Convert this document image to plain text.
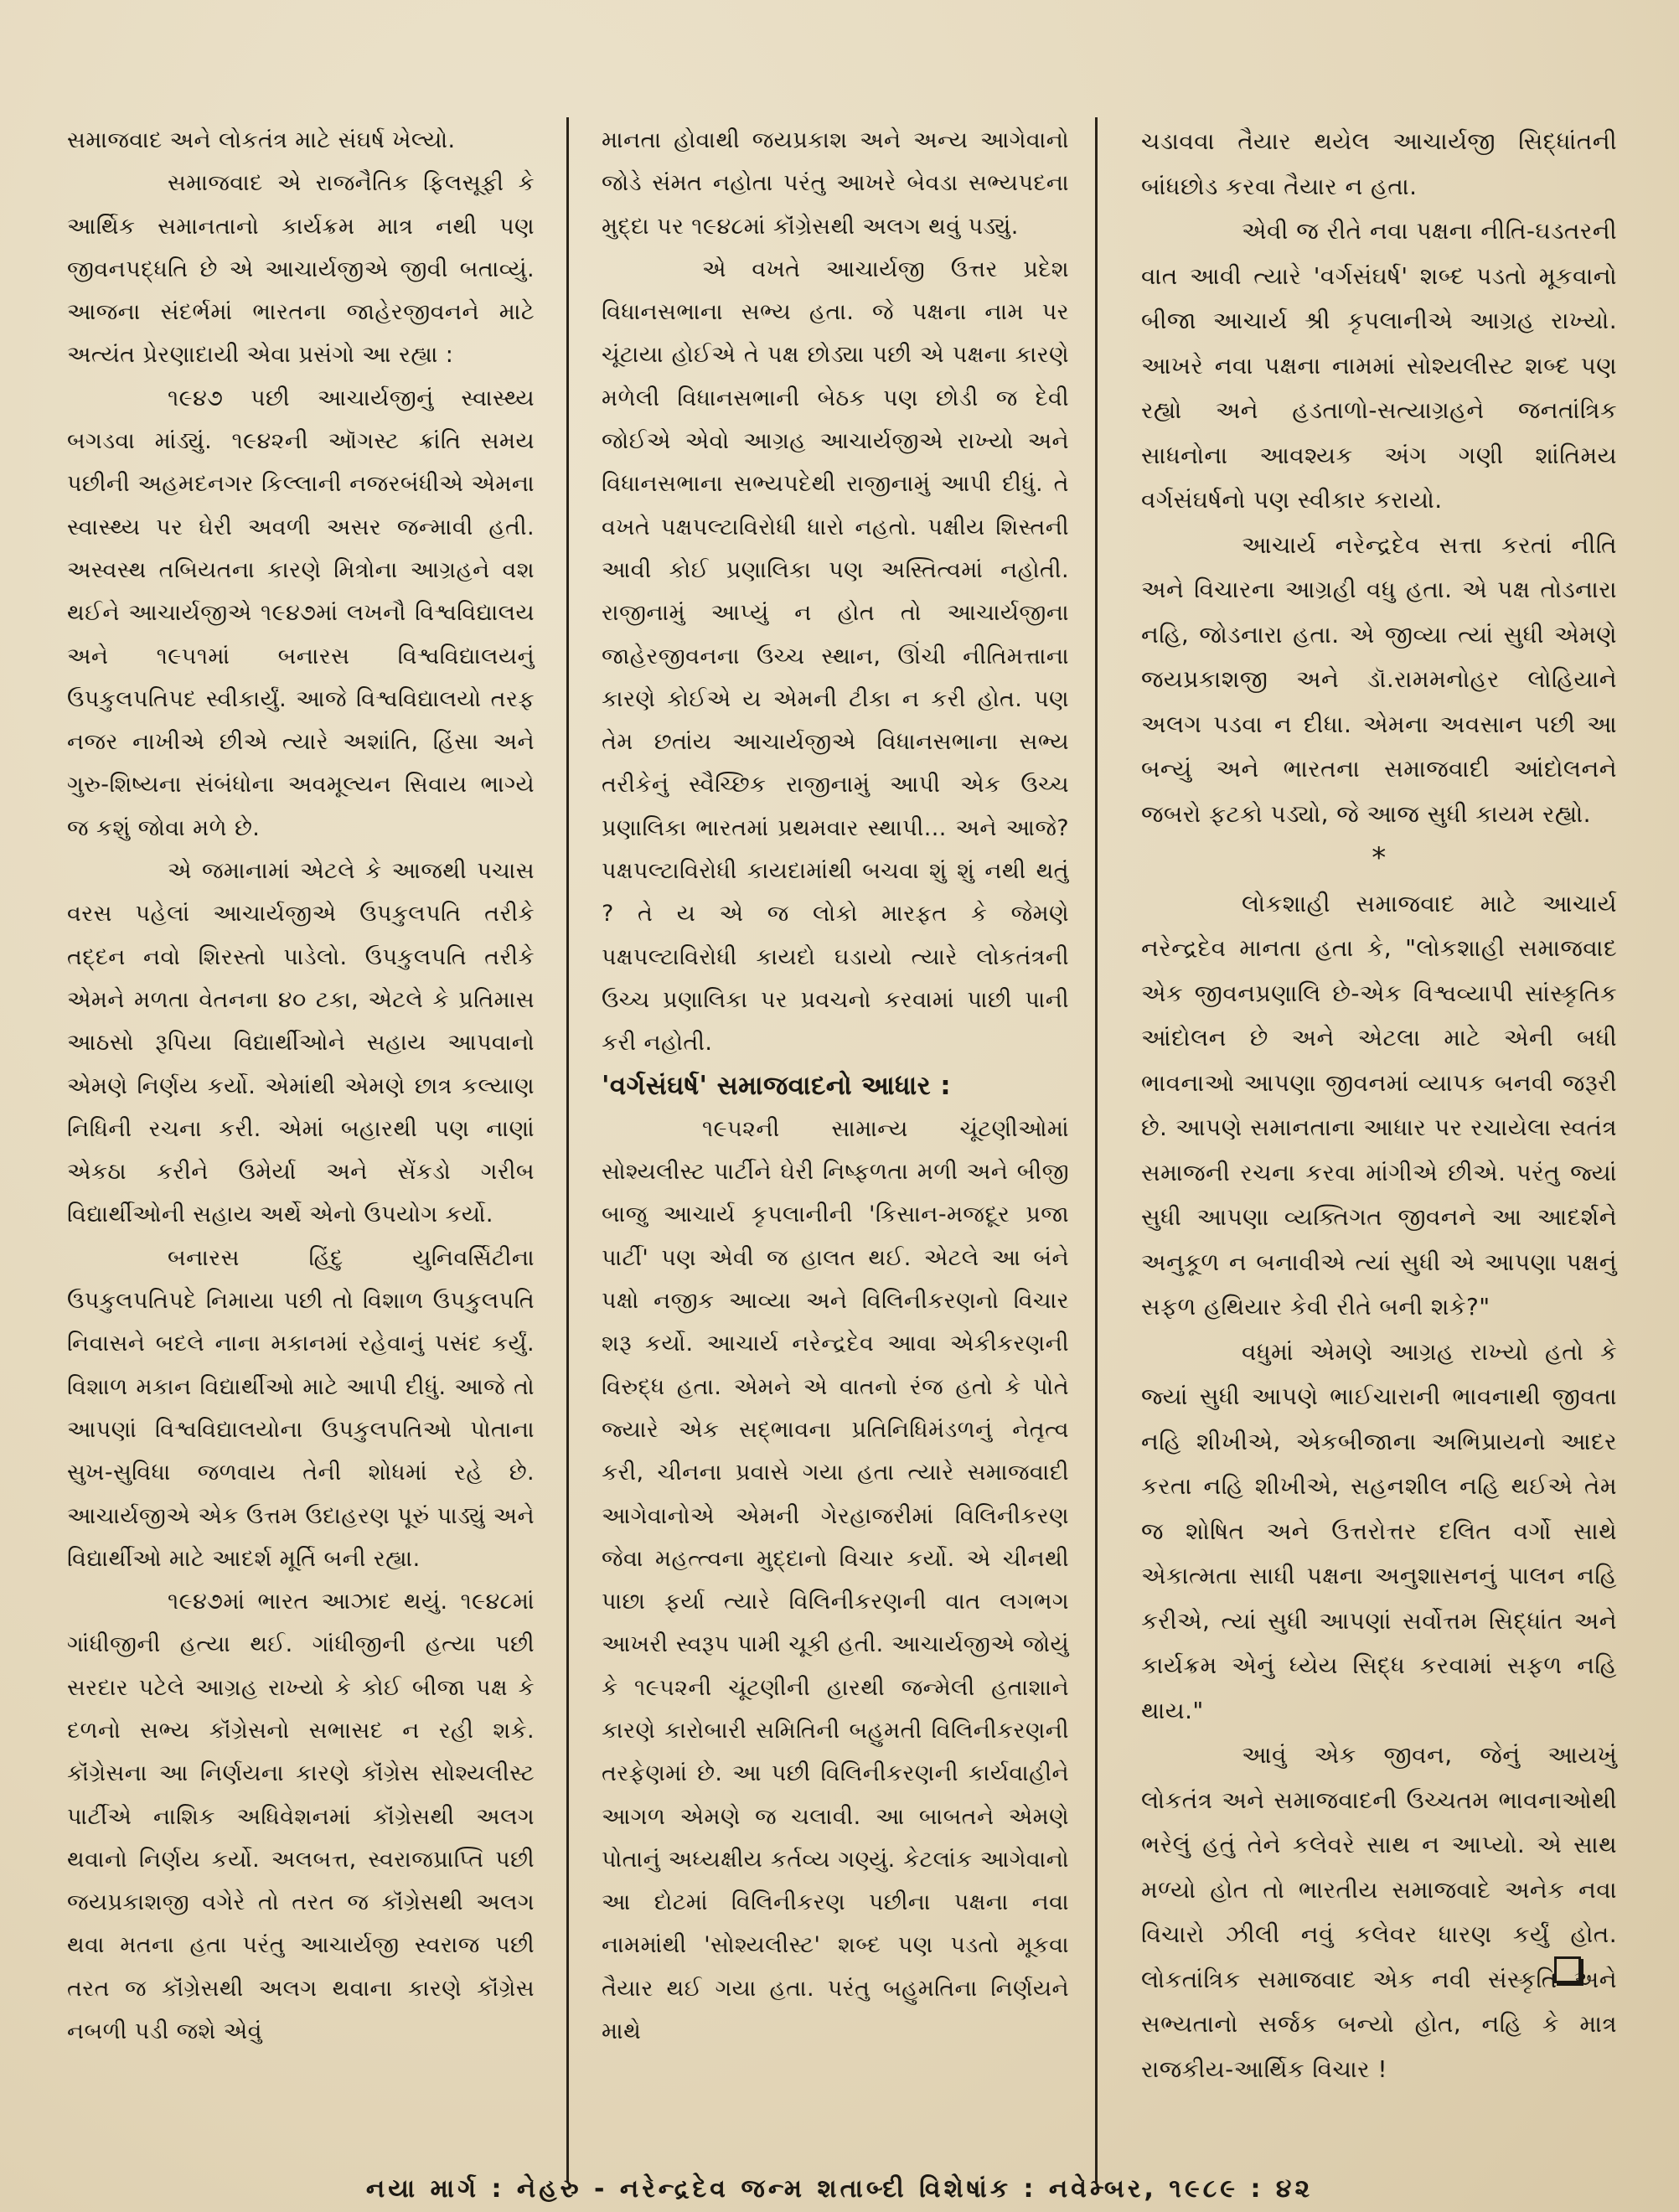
સમાજવાદ અને લોકતંત્ર માટે સંઘર્ષ ખેલ્યો.

સમાજવાદ એ રાજનૈતિક ફિલસૂફી કે આર્થિક સમાનતાનો કાર્યક્રમ માત્ર નથી પણ જીવનપદ્ધતિ છે એ આચાર્યજીએ જીવી બતાવ્યું. આજના સંદર્ભમાં ભારતના જાહેરજીવનને માટે અત્યંત પ્રેરણાદાયી એવા પ્રસંગો આ રહ્યા :

૧૯૪૭ પછી આચાર્યજીનું સ્વાસ્થ્ય બગડવા માંડ્યું. ૧૯૪૨ની ઑગસ્ટ ક્રાંતિ સમય પછીની અહમદનગર કિલ્લાની નજરબંધીએ એમના સ્વાસ્થ્ય પર ઘેરી અવળી અસર જન્માવી હતી. અસ્વસ્થ તબિયતના કારણે મિત્રોના આગ્રહને વશ થઈને આચાર્યજીએ ૧૯૪૭માં લખનૌ વિશ્વવિદ્યાલય અને ૧૯૫૧માં બનારસ વિશ્વવિદ્યાલયનું ઉપકુલપતિપદ સ્વીકાર્યું. આજે વિશ્વવિદ્યાલયો તરફ નજર નાખીએ છીએ ત્યારે અશાંતિ, હિંસા અને ગુરુ-શિષ્યના સંબંધોના અવમૂલ્યન સિવાય ભાગ્યે જ કશું જોવા મળે છે.

એ જમાનામાં એટલે કે આજથી પચાસ વરસ પહેલાં આચાર્યજીએ ઉપકુલપતિ તરીકે તદ્દન નવો શિરસ્તો પાડેલો. ઉપકુલપતિ તરીકે એમને મળતા વેતનના ૪૦ ટકા, એટલે કે પ્રતિમાસ આઠસો રૂપિયા વિદ્યાર્થીઓને સહાય આપવાનો એમણે નિર્ણય કર્યો. એમાંથી એમણે છાત્ર કલ્યાણ નિધિની રચના કરી. એમાં બહારથી પણ નાણાં એકઠા કરીને ઉમેર્યા અને સેંકડો ગરીબ વિદ્યાર્થીઓની સહાય અર્થે એનો ઉપયોગ કર્યો.

બનારસ હિંદુ યુનિવર્સિટીના ઉપકુલપતિપદે નિમાયા પછી તો વિશાળ ઉપકુલપતિ નિવાસને બદલે નાના મકાનમાં રહેવાનું પસંદ કર્યું. વિશાળ મકાન વિદ્યાર્થીઓ માટે આપી દીધું. આજે તો આપણાં વિશ્વવિદ્યાલયોના ઉપકુલપતિઓ પોતાના સુખ-સુવિધા જળવાય તેની શોધમાં રહે છે. આચાર્યજીએ એક ઉત્તમ ઉદાહરણ પૂરું પાડ્યું અને વિદ્યાર્થીઓ માટે આદર્શ મૂર્તિ બની રહ્યા.

૧૯૪૭માં ભારત આઝાદ થયું. ૧૯૪૮માં ગાંધીજીની હત્યા થઈ. ગાંધીજીની હત્યા પછી સરદાર પટેલે આગ્રહ રાખ્યો કે કોઈ બીજા પક્ષ કે દળનો સભ્ય કૉંગ્રેસનો સભાસદ ન રહી શકે. કૉંગ્રેસના આ નિર્ણયના કારણે કૉંગ્રેસ સોશ્યલીસ્ટ પાર્ટીએ નાશિક અધિવેશનમાં કૉંગ્રેસથી અલગ થવાનો નિર્ણય કર્યો. અલબત્ત, સ્વરાજપ્રાપ્તિ પછી જયપ્રકાશજી વગેરે તો તરત જ કૉંગ્રેસથી અલગ થવા મતના હતા પરંતુ આચાર્યજી સ્વરાજ પછી તરત જ કૉંગ્રેસથી અલગ થવાના કારણે કૉંગ્રેસ નબળી પડી જશે એવું

માનતા હોવાથી જયપ્રકાશ અને અન્ય આગેવાનો જોડે સંમત નહોતા પરંતુ આખરે બેવડા સભ્યપદના મુદ્દા પર ૧૯૪૮માં કૉંગ્રેસથી અલગ થવું પડ્યું.

એ વખતે આચાર્યજી ઉત્તર પ્રદેશ વિધાનસભાના સભ્ય હતા. જે પક્ષના નામ પર ચૂંટાયા હોઈએ તે પક્ષ છોડ્યા પછી એ પક્ષના કારણે મળેલી વિધાનસભાની બેઠક પણ છોડી જ દેવી જોઈએ એવો આગ્રહ આચાર્યજીએ રાખ્યો અને વિધાનસભાના સભ્યપદેથી રાજીનામું આપી દીધું. તે વખતે પક્ષપલ્ટાવિરોધી ધારો નહતો. પક્ષીય શિસ્તની આવી કોઈ પ્રણાલિકા પણ અસ્તિત્વમાં નહોતી. રાજીનામું આપ્યું ન હોત તો આચાર્યજીના જાહેરજીવનના ઉચ્ચ સ્થાન, ઊંચી નીતિમત્તાના કારણે કોઈએ ય એમની ટીકા ન કરી હોત. પણ તેમ છતાંય આચાર્યજીએ વિધાનસભાના સભ્ય તરીકેનું સ્વૈચ્છિક રાજીનામું આપી એક ઉચ્ચ પ્રણાલિકા ભારતમાં પ્રથમવાર સ્થાપી... અને આજે? પક્ષપલ્ટાવિરોધી કાયદામાંથી બચવા શું શું નથી થતું ? તે ય એ જ લોકો મારફત કે જેમણે પક્ષપલ્ટાવિરોધી કાયદો ઘડાયો ત્યારે લોકતંત્રની ઉચ્ચ પ્રણાલિકા પર પ્રવચનો કરવામાં પાછી પાની કરી નહોતી.

'વર્ગસંઘર્ષ' સમાજવાદનો આધાર :

૧૯૫૨ની સામાન્ય ચૂંટણીઓમાં સોશ્યલીસ્ટ પાર્ટીને ઘેરી નિષ્ફળતા મળી અને બીજી બાજુ આચાર્ય કૃપલાનીની 'કિસાન-મજદૂર પ્રજા પાર્ટી' પણ એવી જ હાલત થઈ. એટલે આ બંને પક્ષો નજીક આવ્યા અને વિલિનીકરણનો વિચાર શરૂ કર્યો. આચાર્ય નરેન્દ્રદેવ આવા એકીકરણની વિરુદ્ધ હતા. એમને એ વાતનો રંજ હતો કે પોતે જ્યારે એક સદ્ભાવના પ્રતિનિધિમંડળનું નેતૃત્વ કરી, ચીનના પ્રવાસે ગયા હતા ત્યારે સમાજવાદી આગેવાનોએ એમની ગેરહાજરીમાં વિલિનીકરણ જેવા મહત્ત્વના મુદ્દાનો વિચાર કર્યો. એ ચીનથી પાછા ફર્યા ત્યારે વિલિનીકરણની વાત લગભગ આખરી સ્વરૂપ પામી ચૂકી હતી. આચાર્યજીએ જોયું કે ૧૯૫૨ની ચૂંટણીની હારથી જન્મેલી હતાશાને કારણે કારોબારી સમિતિની બહુમતી વિલિનીકરણની તરફેણમાં છે. આ પછી વિલિનીકરણની કાર્યવાહીને આગળ એમણે જ ચલાવી. આ બાબતને એમણે પોતાનું અધ્યક્ષીય કર્તવ્ય ગણ્યું. કેટલાંક આગેવાનો આ દોટમાં વિલિનીકરણ પછીના પક્ષના નવા નામમાંથી 'સોશ્યલીસ્ટ' શબ્દ પણ પડતો મૂકવા તૈયાર થઈ ગયા હતા. પરંતુ બહુમતિના નિર્ણયને માથે

ચડાવવા તૈયાર થયેલ આચાર્યજી સિદ્ધાંતની બાંધછોડ કરવા તૈયાર ન હતા.

એવી જ રીતે નવા પક્ષના નીતિ-ઘડતરની વાત આવી ત્યારે 'વર્ગસંઘર્ષ' શબ્દ પડતો મૂકવાનો બીજા આચાર્ય શ્રી કૃપલાનીએ આગ્રહ રાખ્યો. આખરે નવા પક્ષના નામમાં સોશ્યલીસ્ટ શબ્દ પણ રહ્યો અને હડતાળો-સત્યાગ્રહને જનતાંત્રિક સાધનોના આવશ્યક અંગ ગણી શાંતિમય વર્ગસંઘર્ષનો પણ સ્વીકાર કરાયો.

આચાર્ય નરેન્દ્રદેવ સત્તા કરતાં નીતિ અને વિચારના આગ્રહી વધુ હતા. એ પક્ષ તોડનારા નહિ, જોડનારા હતા. એ જીવ્યા ત્યાં સુધી એમણે જયપ્રકાશજી અને ડૉ.રામમનોહર લોહિયાને અલગ પડવા ન દીધા. એમના અવસાન પછી આ બન્યું અને ભારતના સમાજવાદી આંદોલનને જબરો ફટકો પડ્યો, જે આજ સુધી કાયમ રહ્યો.

*

લોકશાહી સમાજવાદ માટે આચાર્ય નરેન્દ્રદેવ માનતા હતા કે, "લોકશાહી સમાજવાદ એક જીવનપ્રણાલિ છે-એક વિશ્વવ્યાપી સાંસ્કૃતિક આંદોલન છે અને એટલા માટે એની બધી ભાવનાઓ આપણા જીવનમાં વ્યાપક બનવી જરૂરી છે. આપણે સમાનતાના આધાર પર રચાયેલા સ્વતંત્ર સમાજની રચના કરવા માંગીએ છીએ. પરંતુ જ્યાં સુધી આપણા વ્યક્તિગત જીવનને આ આદર્શને અનુકૂળ ન બનાવીએ ત્યાં સુધી એ આપણા પક્ષનું સફળ હથિયાર કેવી રીતે બની શકે?"

વધુમાં એમણે આગ્રહ રાખ્યો હતો કે જ્યાં સુધી આપણે ભાઈચારાની ભાવનાથી જીવતા નહિ શીખીએ, એકબીજાના અભિપ્રાયનો આદર કરતા નહિ શીખીએ, સહનશીલ નહિ થઈએ તેમ જ શોષિત અને ઉત્તરોત્તર દલિત વર્ગો સાથે એકાત્મતા સાધી પક્ષના અનુશાસનનું પાલન નહિ કરીએ, ત્યાં સુધી આપણાં સર્વોત્તમ સિદ્ધાંત અને કાર્યક્રમ એનું ધ્યેય સિદ્ધ કરવામાં સફળ નહિ થાય."

આવું એક જીવન, જેનું આયખું લોકતંત્ર અને સમાજવાદની ઉચ્ચતમ ભાવનાઓથી ભરેલું હતું તેને કલેવરે સાથ ન આપ્યો. એ સાથ મળ્યો હોત તો ભારતીય સમાજવાદે અનેક નવા વિચારો ઝીલી નવું કલેવર ધારણ કર્યું હોત. લોકતાંત્રિક સમાજવાદ એક નવી સંસ્કૃતિ અને સભ્યતાનો સર્જક બન્યો હોત, નહિ કે માત્ર રાજકીય-આર્થિક વિચાર !

નયા માર્ગ : નેહરુ - નરેન્દ્રદેવ જન્મ શતાબ્દી વિશેષાંક : નવેમ્બર, ૧૯૮૯ : ૪૨
